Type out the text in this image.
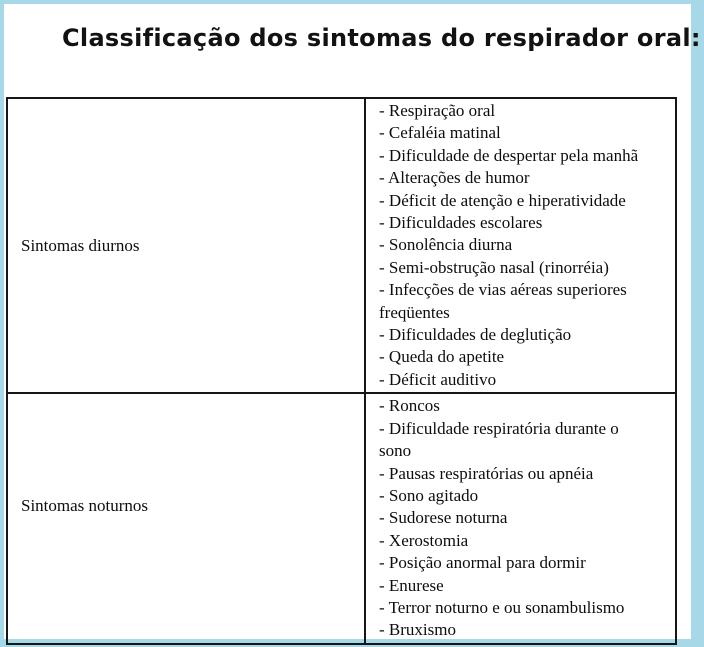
Classificação dos sintomas do respirador oral:
Sintomas diurnos	
- Respiração oral
- Cefaléia matinal
- Dificuldade de despertar pela manhã
- Alterações de humor
- Déficit de atenção e hiperatividade
- Dificuldades escolares
- Sonolência diurna
- Semi-obstrução nasal (rinorréia)
- Infecções de vias aéreas superiores
freqüentes
- Dificuldades de deglutição
- Queda do apetite
- Déficit auditivo

Sintomas noturnos	
- Roncos
- Dificuldade respiratória durante o
sono
- Pausas respiratórias ou apnéia
- Sono agitado
- Sudorese noturna
- Xerostomia
- Posição anormal para dormir
- Enurese
- Terror noturno e ou sonambulismo
- Bruxismo
